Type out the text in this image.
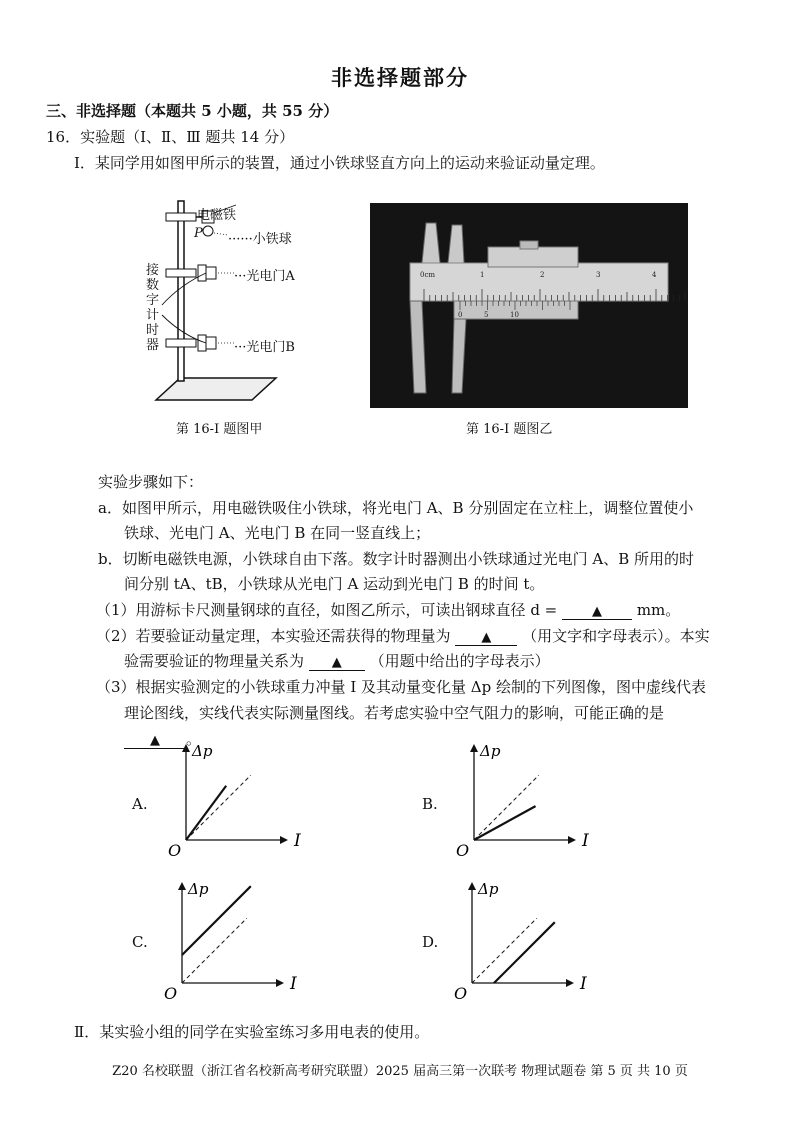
非选择题部分
三、非选择题（本题共 5 小题，共 55 分）
16．实验题（Ⅰ、Ⅱ、Ⅲ 题共 14 分）
Ⅰ．某同学用如图甲所示的装置，通过小铁球竖直方向上的运动来验证动量定理。
电磁铁
P ······小铁球
···光电门A
···光电门B
接
数
字
计
时
器
第 16-Ⅰ 题图甲
0cm	1	2	3	4
0	5	10
第 16-Ⅰ 题图乙
实验步骤如下：
a．如图甲所示，用电磁铁吸住小铁球，将光电门 A、B 分别固定在立柱上，调整位置使小
铁球、光电门 A、光电门 B 在同一竖直线上；
b．切断电磁铁电源，小铁球自由下落。数字计时器测出小铁球通过光电门 A、B 所用的时
间分别 tA、tB，小铁球从光电门 A 运动到光电门 B 的时间 t。
（1）用游标卡尺测量钢球的直径，如图乙所示，可读出钢球直径 d =	▲ mm。
（2）若要验证动量定理，本实验还需获得的物理量为 ▲ （用文字和字母表示）。本实
验需要验证的物理量关系为 ▲ （用题中给出的字母表示）
（3）根据实验测定的小铁球重力冲量 I 及其动量变化量 Δp 绘制的下列图像，图中虚线代表
理论图线，实线代表实际测量图线。若考虑实验中空气阻力的影响，可能正确的是
▲ 。
A.	B.
C.	D.
Δp
I
O
Δp
I
O
Δp
I
O
Δp
I
O
Ⅱ．某实验小组的同学在实验室练习多用电表的使用。
Z20 名校联盟（浙江省名校新高考研究联盟）2025 届高三第一次联考 物理试题卷 第 5 页 共 10 页
